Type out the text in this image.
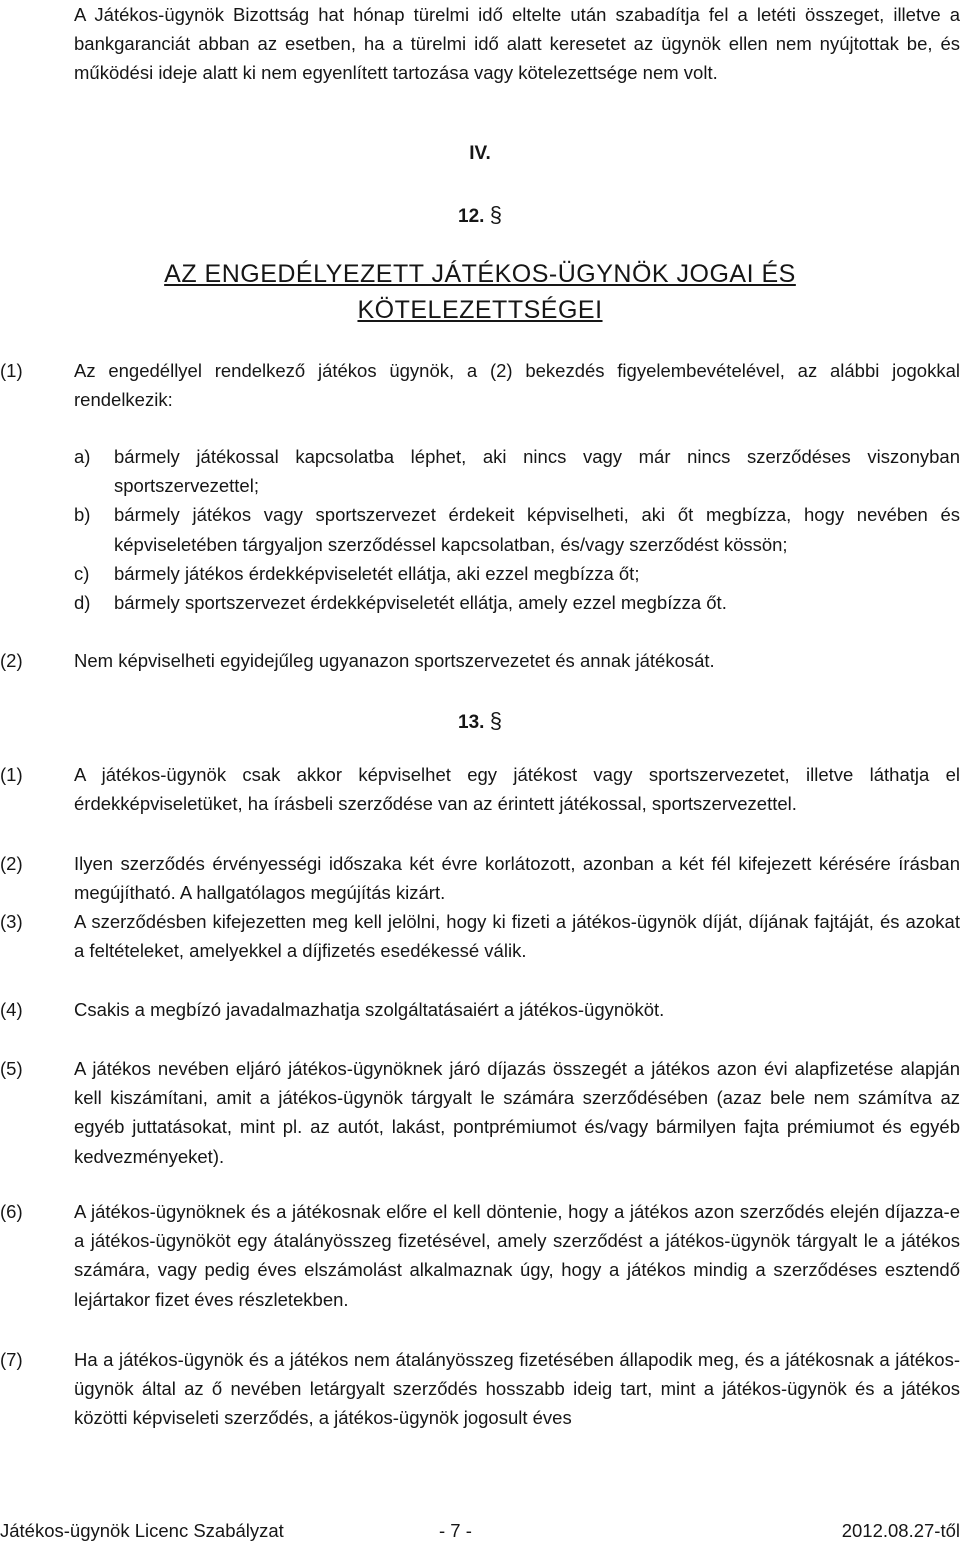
A Játékos-ügynök Bizottság hat hónap türelmi idő eltelte után szabadítja fel a letéti összeget, illetve a bankgaranciát abban az esetben, ha a türelmi idő alatt keresetet az ügynök ellen nem nyújtottak be, és működési ideje alatt ki nem egyenlített tartozása vagy kötelezettsége nem volt.
IV.
12. §
AZ ENGEDÉLYEZETT JÁTÉKOS-ÜGYNÖK JOGAI ÉS
KÖTELEZETTSÉGEI
(1)	Az engedéllyel rendelkező játékos ügynök, a (2) bekezdés figyelembevételével, az alábbi jogokkal rendelkezik:
a) bármely játékossal kapcsolatba léphet, aki nincs vagy már nincs szerződéses viszonyban sportszervezettel;
b) bármely játékos vagy sportszervezet érdekeit képviselheti, aki őt megbízza, hogy nevében és képviseletében tárgyaljon szerződéssel kapcsolatban, és/vagy szerződést kössön;
c) bármely játékos érdekképviseletét ellátja, aki ezzel megbízza őt;
d) bármely sportszervezet érdekképviseletét ellátja, amely ezzel megbízza őt.
(2)	Nem képviselheti egyidejűleg ugyanazon sportszervezetet és annak játékosát.
13. §
(1)	A játékos-ügynök csak akkor képviselhet egy játékost vagy sportszervezetet, illetve láthatja el érdekképviseletüket, ha írásbeli szerződése van az érintett játékossal, sportszervezettel.
(2)	Ilyen szerződés érvényességi időszaka két évre korlátozott, azonban a két fél kifejezett kérésére írásban megújítható. A hallgatólagos megújítás kizárt.
(3)	A szerződésben kifejezetten meg kell jelölni, hogy ki fizeti a játékos-ügynök díját, díjának fajtáját, és azokat a feltételeket, amelyekkel a díjfizetés esedékessé válik.
(4)	Csakis a megbízó javadalmazhatja szolgáltatásaiért a játékos-ügynököt.
(5)	A játékos nevében eljáró játékos-ügynöknek járó díjazás összegét a játékos azon évi alapfizetése alapján kell kiszámítani, amit a játékos-ügynök tárgyalt le számára szerződésében (azaz bele nem számítva az egyéb juttatásokat, mint pl. az autót, lakást, pontprémiumot és/vagy bármilyen fajta prémiumot és egyéb kedvezményeket).
(6)	A játékos-ügynöknek és a játékosnak előre el kell döntenie, hogy a játékos azon szerződés elején díjazza-e a játékos-ügynököt egy átalányösszeg fizetésével, amely szerződést a játékos-ügynök tárgyalt le a játékos számára, vagy pedig éves elszámolást alkalmaznak úgy, hogy a játékos mindig a szerződéses esztendő lejártakor fizet éves részletekben.
(7)	Ha a játékos-ügynök és a játékos nem átalányösszeg fizetésében állapodik meg, és a játékosnak a játékos-ügynök által az ő nevében letárgyalt szerződés hosszabb ideig tart, mint a játékos-ügynök és a játékos közötti képviseleti szerződés, a játékos-ügynök jogosult éves
Játékos-ügynök Licenc Szabályzat	- 7 -	2012.08.27-től
